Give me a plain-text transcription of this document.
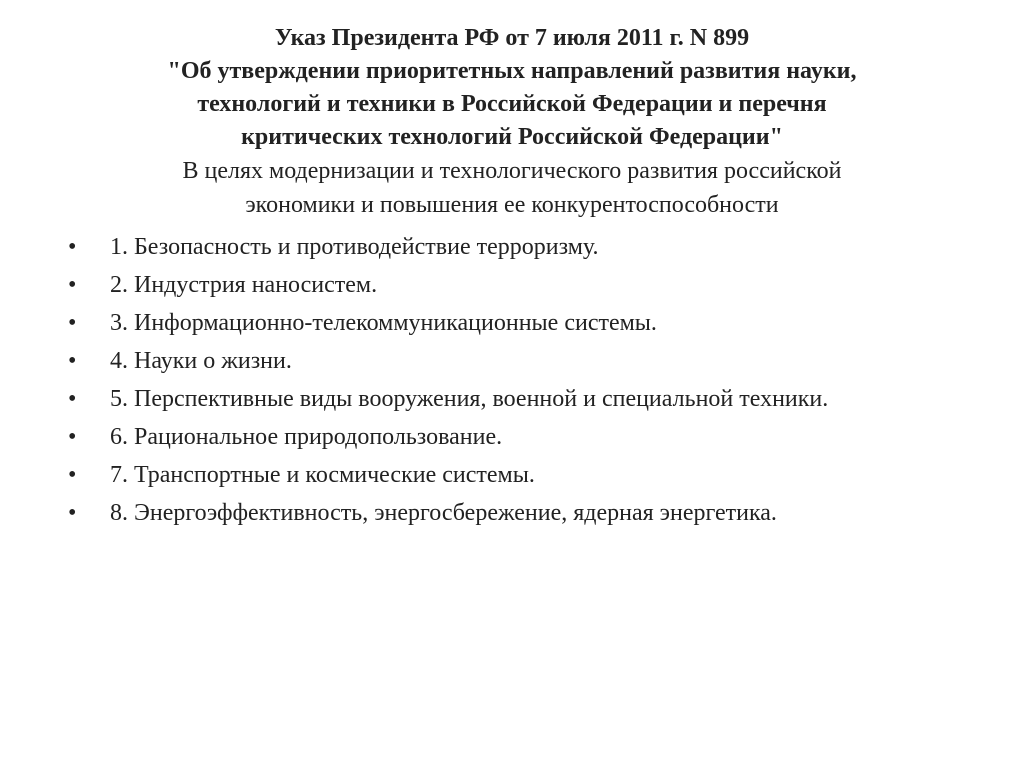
Указ Президента РФ от 7 июля 2011 г. N 899
"Об утверждении приоритетных направлений развития науки,
технологий и техники в Российской Федерации и перечня
критических технологий Российской Федерации"
В целях модернизации и технологического развития российской
экономики и повышения ее конкурентоспособности
•	1. Безопасность и противодействие терроризму.
•	2. Индустрия наносистем.
•	3. Информационно-телекоммуникационные системы.
•	4. Науки о жизни.
•	5. Перспективные виды вооружения, военной и специальной техники.
•	6. Рациональное природопользование.
•	7. Транспортные и космические системы.
•	8. Энергоэффективность, энергосбережение, ядерная энергетика.
